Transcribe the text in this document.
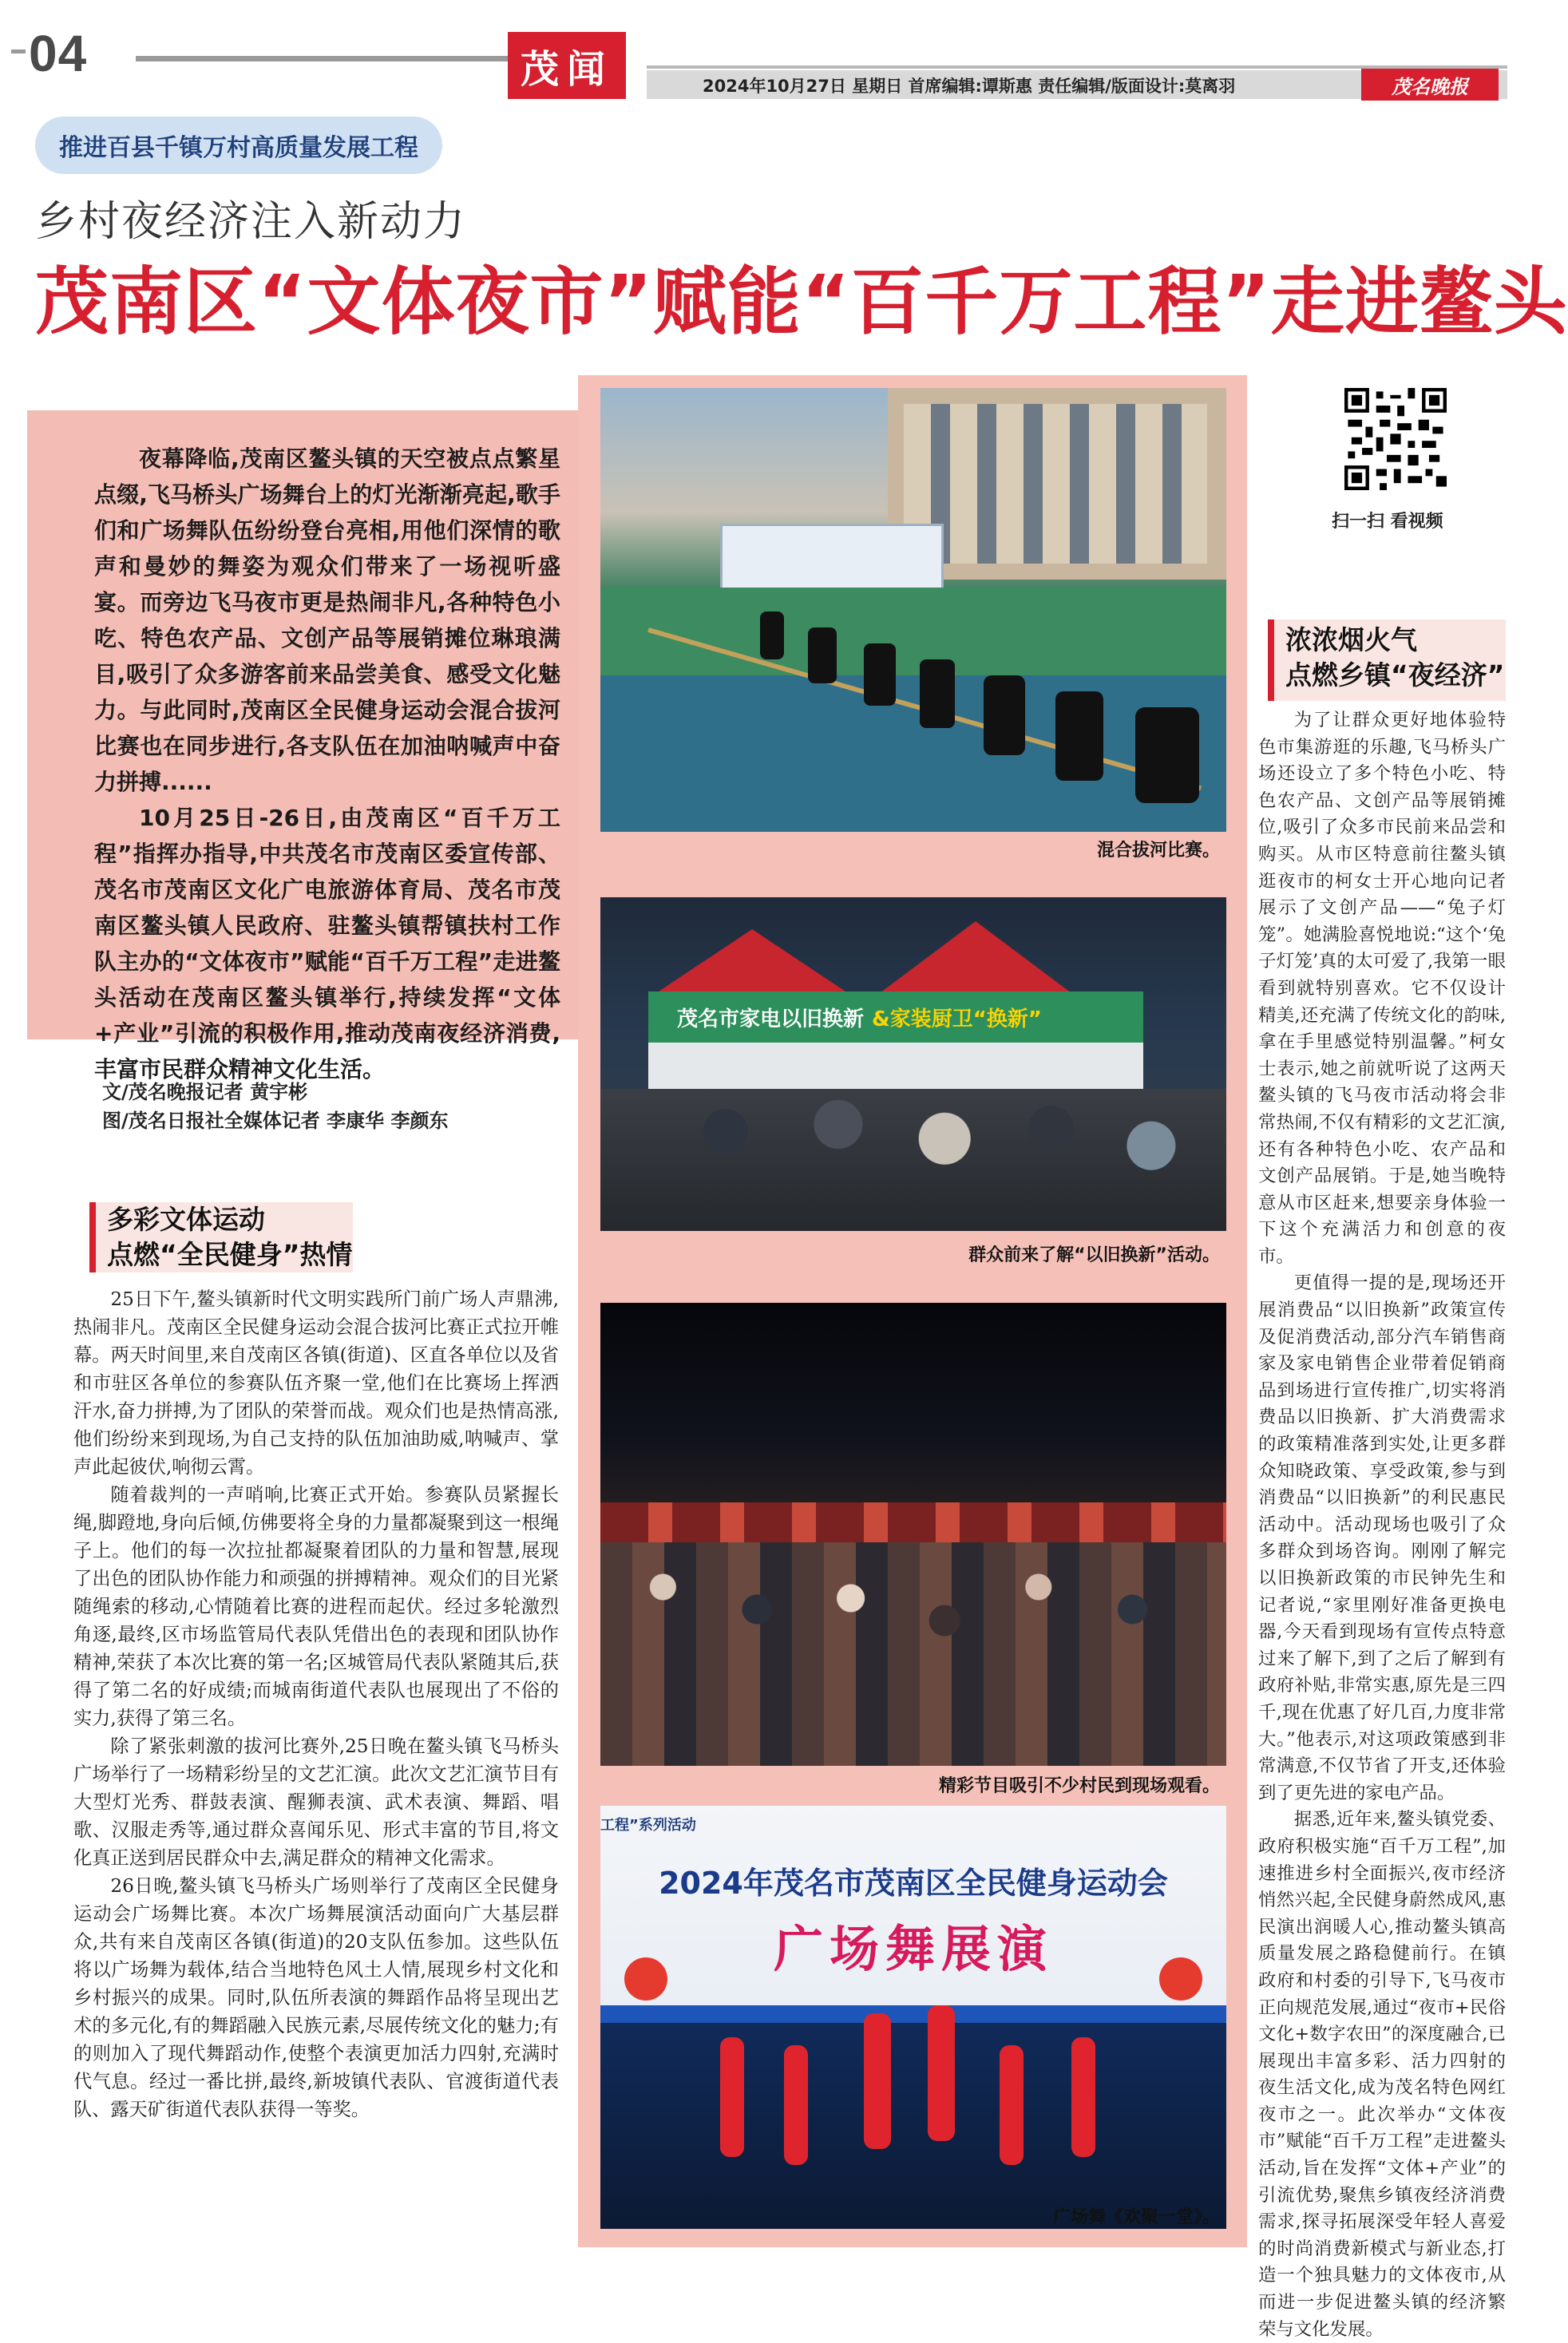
04	茂闻	2024年10月27日 星期日 首席编辑:谭斯惠 责任编辑/版面设计:莫离羽	茂名晚报
推进百县千镇万村高质量发展工程
乡村夜经济注入新动力
茂南区“文体夜市”赋能“百千万工程”走进鳌头

夜幕降临,茂南区鳌头镇的天空被点点繁星点缀,飞马桥头广场舞台上的灯光渐渐亮起,歌手们和广场舞队伍纷纷登台亮相,用他们深情的歌声和曼妙的舞姿为观众们带来了一场视听盛宴。而旁边飞马夜市更是热闹非凡,各种特色小吃、特色农产品、文创产品等展销摊位琳琅满目,吸引了众多游客前来品尝美食、感受文化魅力。与此同时,茂南区全民健身运动会混合拔河比赛也在同步进行,各支队伍在加油呐喊声中奋力拼搏......

10月25日-26日,由茂南区“百千万工程”指挥办指导,中共茂名市茂南区委宣传部、茂名市茂南区文化广电旅游体育局、茂名市茂南区鳌头镇人民政府、驻鳌头镇帮镇扶村工作队主办的“文体夜市”赋能“百千万工程”走进鳌头活动在茂南区鳌头镇举行,持续发挥“文体+产业”引流的积极作用,推动茂南夜经济消费,丰富市民群众精神文化生活。

文/茂名晚报记者 黄宇彬
图/茂名日报社全媒体记者 李康华 李颜东
多彩文体运动
点燃“全民健身”热情

25日下午,鳌头镇新时代文明实践所门前广场人声鼎沸,热闹非凡。茂南区全民健身运动会混合拔河比赛正式拉开帷幕。两天时间里,来自茂南区各镇(街道)、区直各单位以及省和市驻区各单位的参赛队伍齐聚一堂,他们在比赛场上挥洒汗水,奋力拼搏,为了团队的荣誉而战。观众们也是热情高涨,他们纷纷来到现场,为自己支持的队伍加油助威,呐喊声、掌声此起彼伏,响彻云霄。

随着裁判的一声哨响,比赛正式开始。参赛队员紧握长绳,脚蹬地,身向后倾,仿佛要将全身的力量都凝聚到这一根绳子上。他们的每一次拉扯都凝聚着团队的力量和智慧,展现了出色的团队协作能力和顽强的拼搏精神。观众们的目光紧随绳索的移动,心情随着比赛的进程而起伏。经过多轮激烈角逐,最终,区市场监管局代表队凭借出色的表现和团队协作精神,荣获了本次比赛的第一名;区城管局代表队紧随其后,获得了第二名的好成绩;而城南街道代表队也展现出了不俗的实力,获得了第三名。

除了紧张刺激的拔河比赛外,25日晚在鳌头镇飞马桥头广场举行了一场精彩纷呈的文艺汇演。此次文艺汇演节目有大型灯光秀、群鼓表演、醒狮表演、武术表演、舞蹈、唱歌、汉服走秀等,通过群众喜闻乐见、形式丰富的节目,将文化真正送到居民群众中去,满足群众的精神文化需求。

26日晚,鳌头镇飞马桥头广场则举行了茂南区全民健身运动会广场舞比赛。本次广场舞展演活动面向广大基层群众,共有来自茂南区各镇(街道)的20支队伍参加。这些队伍将以广场舞为载体,结合当地特色风土人情,展现乡村文化和乡村振兴的成果。同时,队伍所表演的舞蹈作品将呈现出艺术的多元化,有的舞蹈融入民族元素,尽展传统文化的魅力;有的则加入了现代舞蹈动作,使整个表演更加活力四射,充满时代气息。经过一番比拼,最终,新坡镇代表队、官渡街道代表队、露天矿街道代表队获得一等奖。

混合拔河比赛。
茂名市家电以旧换新 &家装厨卫“换新”
群众前来了解“以旧换新”活动。
精彩节目吸引不少村民到现场观看。
工程”系列活动
2024年茂名市茂南区全民健身运动会
广场舞展演
广场舞《欢聚一堂》。
扫一扫 看视频
浓浓烟火气
点燃乡镇“夜经济”

为了让群众更好地体验特色市集游逛的乐趣,飞马桥头广场还设立了多个特色小吃、特色农产品、文创产品等展销摊位,吸引了众多市民前来品尝和购买。从市区特意前往鳌头镇逛夜市的柯女士开心地向记者展示了文创产品——“兔子灯笼”。她满脸喜悦地说:“这个‘兔子灯笼’真的太可爱了,我第一眼看到就特别喜欢。它不仅设计精美,还充满了传统文化的韵味,拿在手里感觉特别温馨。”柯女士表示,她之前就听说了这两天鳌头镇的飞马夜市活动将会非常热闹,不仅有精彩的文艺汇演,还有各种特色小吃、农产品和文创产品展销。于是,她当晚特意从市区赶来,想要亲身体验一下这个充满活力和创意的夜市。

更值得一提的是,现场还开展消费品“以旧换新”政策宣传及促消费活动,部分汽车销售商家及家电销售企业带着促销商品到场进行宣传推广,切实将消费品以旧换新、扩大消费需求的政策精准落到实处,让更多群众知晓政策、享受政策,参与到消费品“以旧换新”的利民惠民活动中。活动现场也吸引了众多群众到场咨询。刚刚了解完以旧换新政策的市民钟先生和记者说,“家里刚好准备更换电器,今天看到现场有宣传点特意过来了解下,到了之后了解到有政府补贴,非常实惠,原先是三四千,现在优惠了好几百,力度非常大。”他表示,对这项政策感到非常满意,不仅节省了开支,还体验到了更先进的家电产品。

据悉,近年来,鳌头镇党委、政府积极实施“百千万工程”,加速推进乡村全面振兴,夜市经济悄然兴起,全民健身蔚然成风,惠民演出润暖人心,推动鳌头镇高质量发展之路稳健前行。在镇政府和村委的引导下,飞马夜市正向规范发展,通过“夜市+民俗文化+数字农田”的深度融合,已展现出丰富多彩、活力四射的夜生活文化,成为茂名特色网红夜市之一。此次举办“文体夜市”赋能“百千万工程”走进鳌头活动,旨在发挥“文体+产业”的引流优势,聚焦乡镇夜经济消费需求,探寻拓展深受年轻人喜爱的时尚消费新模式与新业态,打造一个独具魅力的文体夜市,从而进一步促进鳌头镇的经济繁荣与文化发展。
